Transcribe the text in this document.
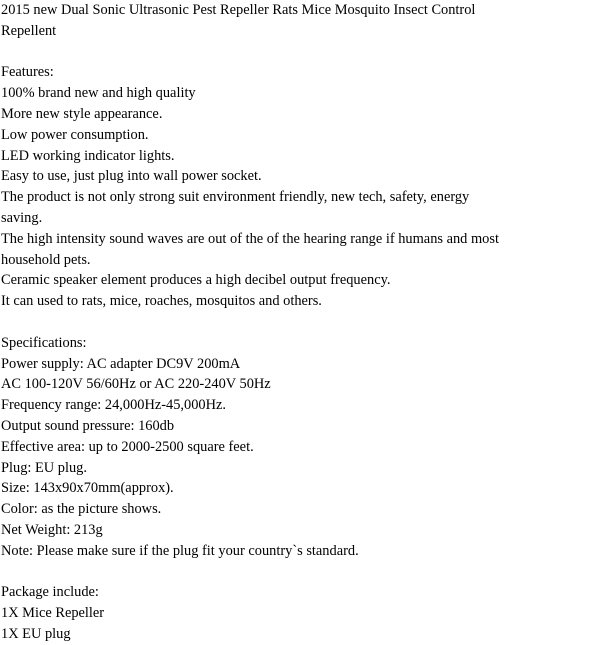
2015 new Dual Sonic Ultrasonic Pest Repeller Rats Mice Mosquito Insect Control
Repellent
Features:
100% brand new and high quality
More new style appearance.
Low power consumption.
LED working indicator lights.
Easy to use, just plug into wall power socket.
The product is not only strong suit environment friendly, new tech, safety, energy
saving.
The high intensity sound waves are out of the of the hearing range if humans and most
household pets.
Ceramic speaker element produces a high decibel output frequency.
It can used to rats, mice, roaches, mosquitos and others.
Specifications:
Power supply: AC adapter DC9V 200mA
AC 100-120V 56/60Hz or AC 220-240V 50Hz
Frequency range: 24,000Hz-45,000Hz.
Output sound pressure: 160db
Effective area: up to 2000-2500 square feet.
Plug: EU plug.
Size: 143x90x70mm(approx).
Color: as the picture shows.
Net Weight: 213g
Note: Please make sure if the plug fit your country`s standard.
Package include:
1X Mice Repeller
1X EU plug
